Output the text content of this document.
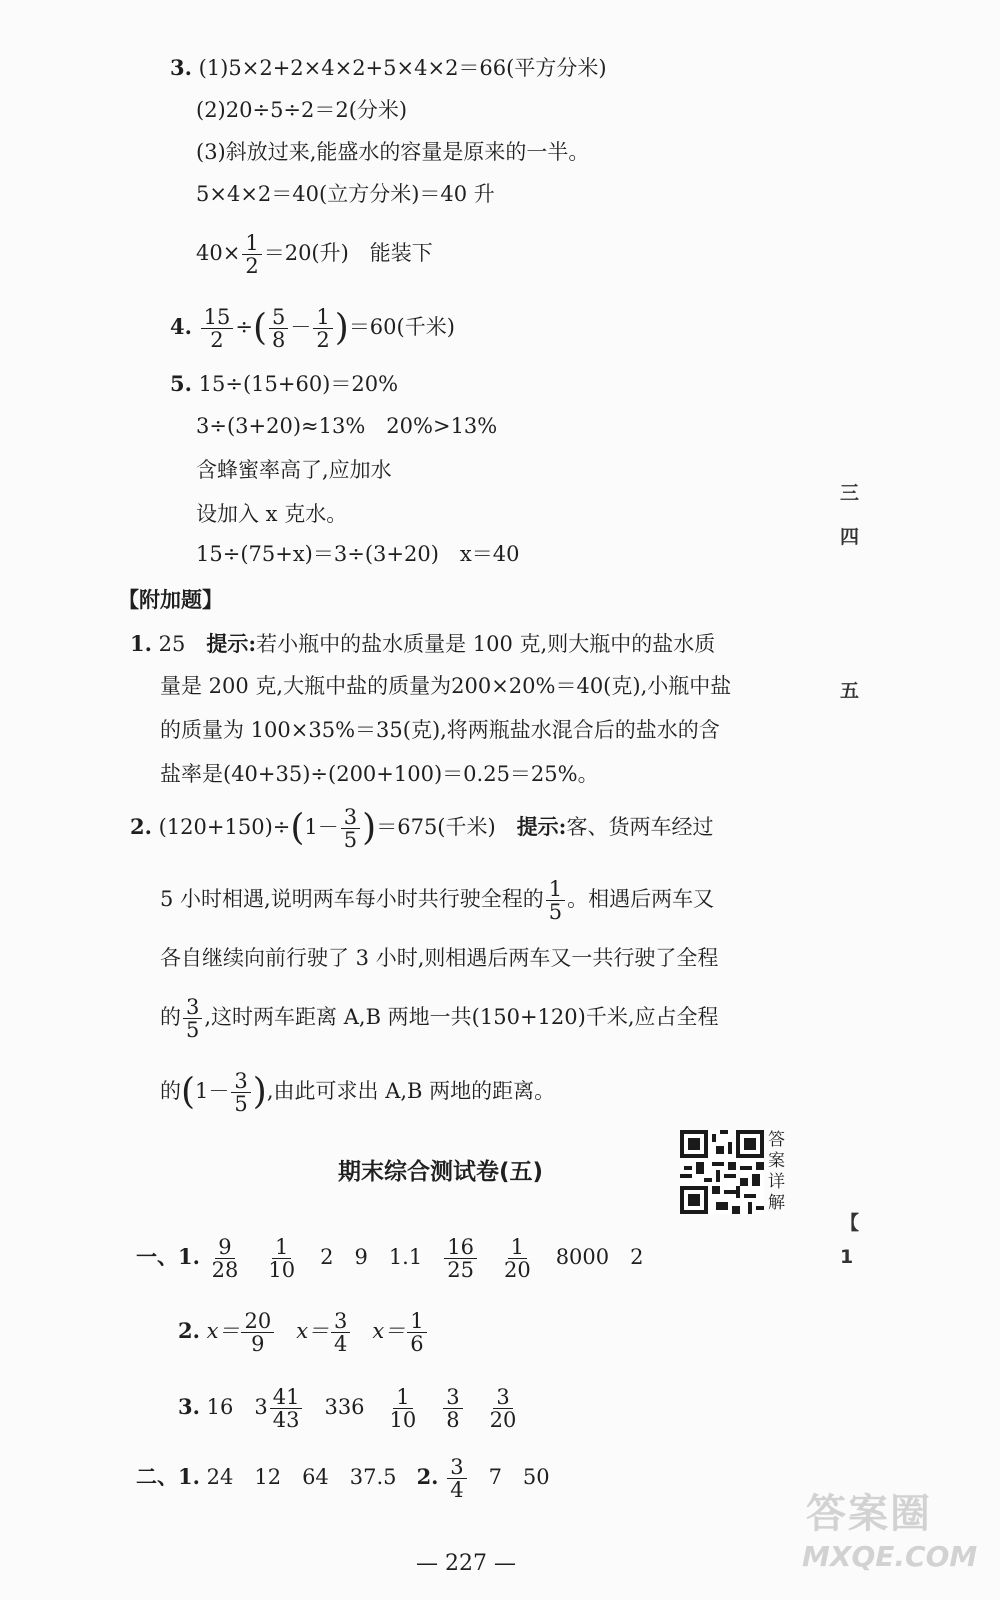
3. (1)5×2+2×4×2+5×4×2＝66(平方分米)
(2)20÷5÷2＝2(分米)
(3)斜放过来,能盛水的容量是原来的一半。
5×4×2＝40(立方分米)＝40 升
$40\times \frac{1}{2} =20$(升)　能装下
4. $\frac{15}{2}$ ÷( $\frac{5}{8} - \frac{1}{2} )=60$(千米)
5. 15÷(15+60)＝20%
3÷(3+20)≈13%　20%>13%
含蜂蜜率高了,应加水
设加入 x 克水。
15÷(75+x)＝3÷(3+20)　x＝40
【附加题】
1. 25　提示:若小瓶中的盐水质量是 100 克,则大瓶中的盐水质
量是 200 克,大瓶中盐的质量为200×20%＝40(克),小瓶中盐
的质量为 100×35%＝35(克),将两瓶盐水混合后的盐水的含
盐率是(40+35)÷(200+100)＝0.25＝25%。
2. $(120+150)\div(1- \frac{3}{5} )=675$(千米)　提示:客、货两车经过
5 小时相遇,说明两车每小时共行驶全程的 $\frac{1}{5}$ 。相遇后两车又
各自继续向前行驶了 3 小时,则相遇后两车又一共行驶了全程
的 $\frac{3}{5}$ ,这时两车距离 A,B 两地一共(150+120)千米,应占全程
的($1- \frac{3}{5}$ ),由此可求出 A,B 两地的距离。
期末综合测试卷(五)
答案详解
一、1. $\frac{9}{28} \frac{1}{10} 2$　9　$1.1 \frac{16}{25} \frac{1}{20} 8000$　2
2. $x= \frac{20}{9} x= \frac{3}{4} x= \frac{1}{6}$
3. 16　$3 \frac{41}{43} 336 \frac{1}{10} \frac{3}{8} \frac{3}{20}$
二、1. 24　12　64　37.5 2. $\frac{3}{4} 7$　50
三
四
五
【
1
— 227 —
答案圈
MXQE.COM
